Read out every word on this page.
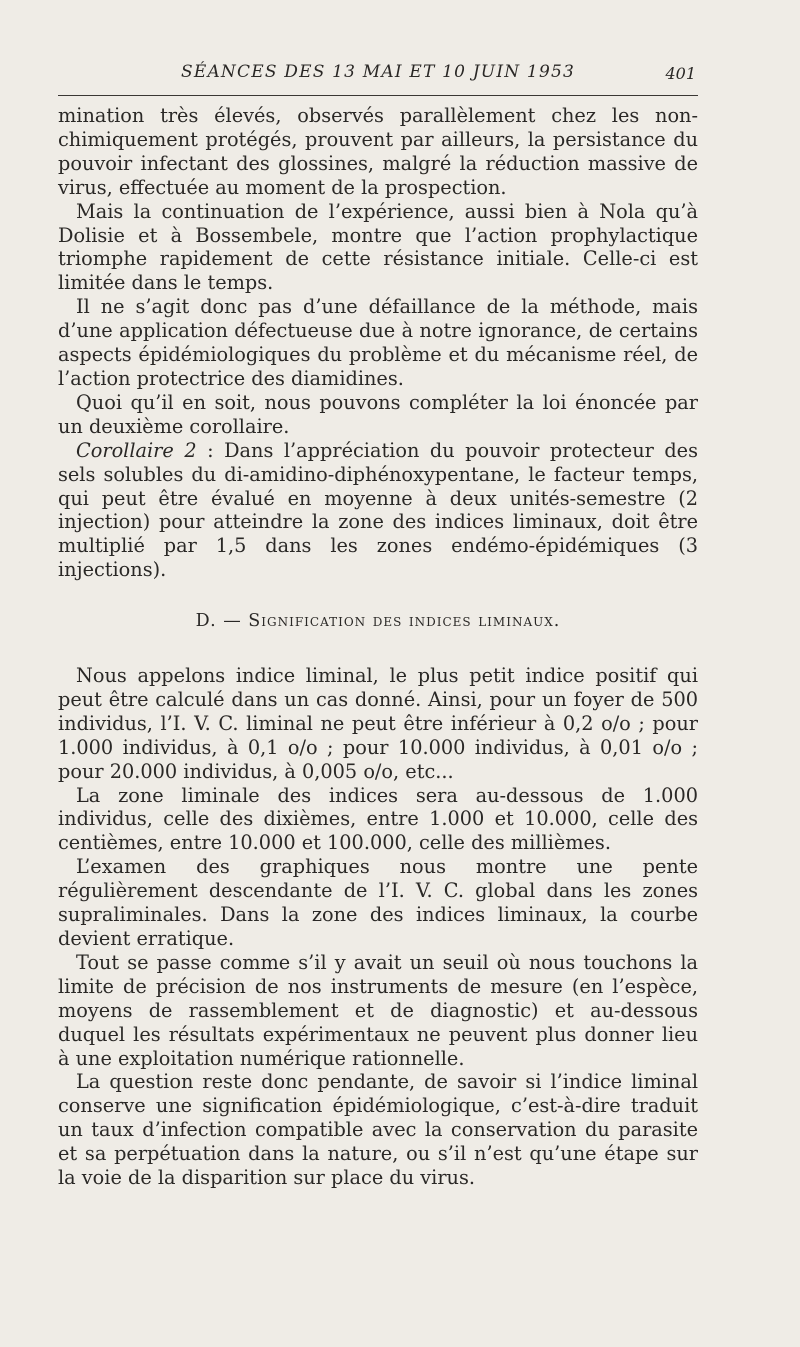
SÉANCES DES 13 MAI ET 10 JUIN 1953	401

mination très élevés, observés parallèlement chez les non-chimiquement protégés, prouvent par ailleurs, la persistance du pouvoir infectant des glossines, malgré la réduction massive de virus, effectuée au moment de la prospection.

Mais la continuation de l’expérience, aussi bien à Nola qu’à Dolisie et à Bossembele, montre que l’action prophylactique triomphe rapidement de cette résistance initiale. Celle-ci est limitée dans le temps.

Il ne s’agit donc pas d’une défaillance de la méthode, mais d’une application défectueuse due à notre ignorance, de certains aspects épidémiologiques du problème et du mécanisme réel, de l’action protectrice des diamidines.

Quoi qu’il en soit, nous pouvons compléter la loi énoncée par un deuxième corollaire.

Corollaire 2 : Dans l’appréciation du pouvoir protecteur des sels solubles du di-amidino-diphénoxypentane, le facteur temps, qui peut être évalué en moyenne à deux unités-semestre (2 injection) pour atteindre la zone des indices liminaux, doit être multiplié par 1,5 dans les zones endémo-épidémiques (3 injections).

D. — Signification des indices liminaux.

Nous appelons indice liminal, le plus petit indice positif qui peut être calculé dans un cas donné. Ainsi, pour un foyer de 500 individus, l’I. V. C. liminal ne peut être inférieur à 0,2 o/o ; pour 1.000 individus, à 0,1 o/o ; pour 10.000 individus, à 0,01 o/o ; pour 20.000 individus, à 0,005 o/o, etc...

La zone liminale des indices sera au-dessous de 1.000 individus, celle des dixièmes, entre 1.000 et 10.000, celle des centièmes, entre 10.000 et 100.000, celle des millièmes.

L’examen des graphiques nous montre une pente régulièrement descendante de l’I. V. C. global dans les zones supraliminales. Dans la zone des indices liminaux, la courbe devient erratique.

Tout se passe comme s’il y avait un seuil où nous touchons la limite de précision de nos instruments de mesure (en l’espèce, moyens de rassemblement et de diagnostic) et au-dessous duquel les résultats expérimentaux ne peuvent plus donner lieu à une exploitation numérique rationnelle.

La question reste donc pendante, de savoir si l’indice liminal conserve une signification épidémiologique, c’est-à-dire traduit un taux d’infection compatible avec la conservation du parasite et sa perpétuation dans la nature, ou s’il n’est qu’une étape sur la voie de la disparition sur place du virus.
